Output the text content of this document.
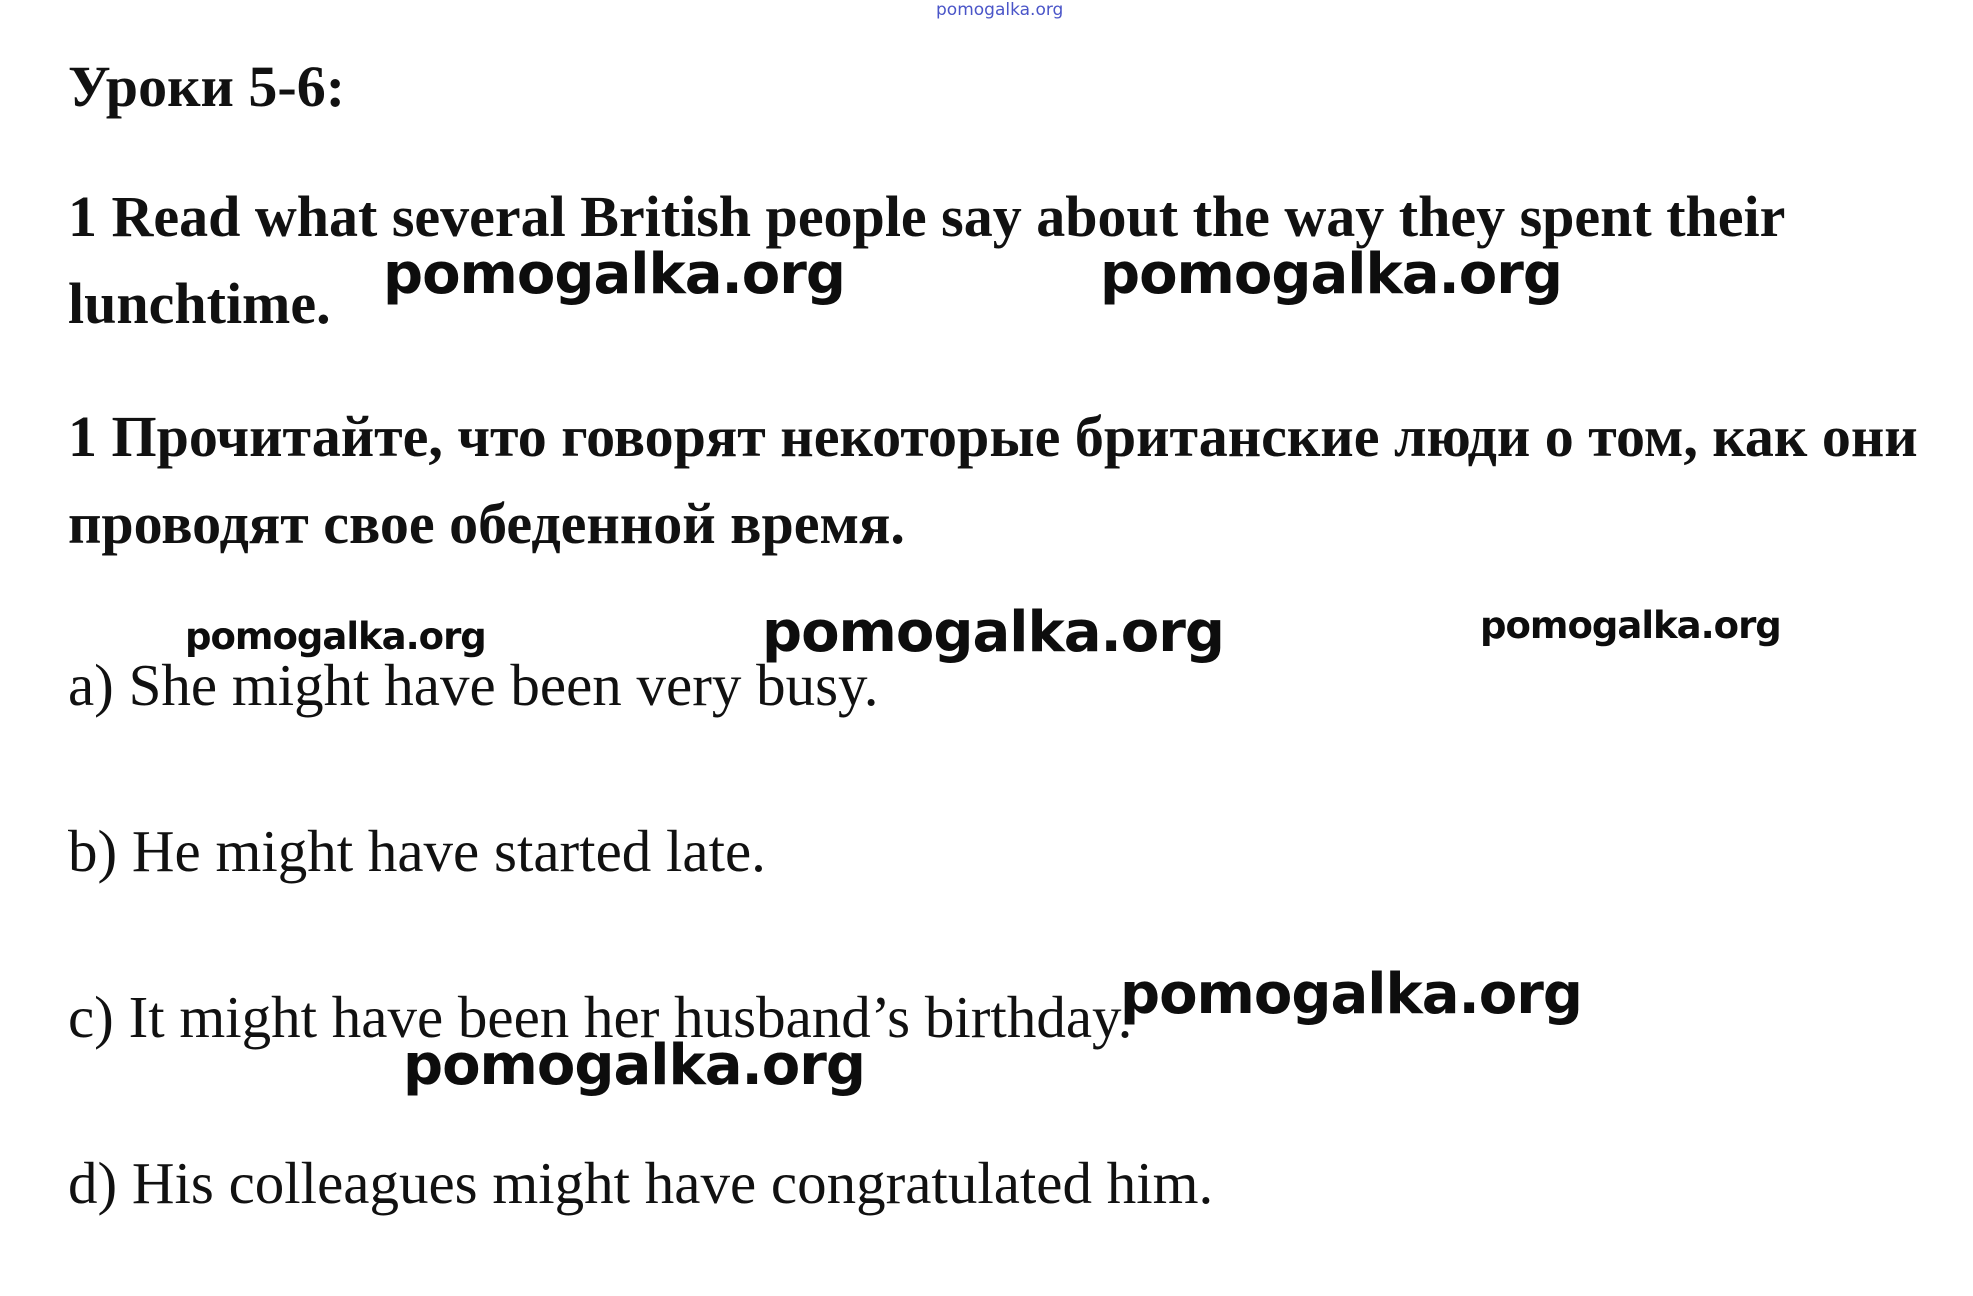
pomogalka.org
Уроки 5-6:
1 Read what several British people say about the way they spent their lunchtime.
1 Прочитайте, что говорят некоторые британские люди о том, как они проводят свое обеденной время.
a) She might have been very busy.
b) He might have started late.
c) It might have been her husband’s birthday.
d) His colleagues might have congratulated him.
pomogalka.org	pomogalka.org
pomogalka.org	pomogalka.org	pomogalka.org
pomogalka.org
pomogalka.org
